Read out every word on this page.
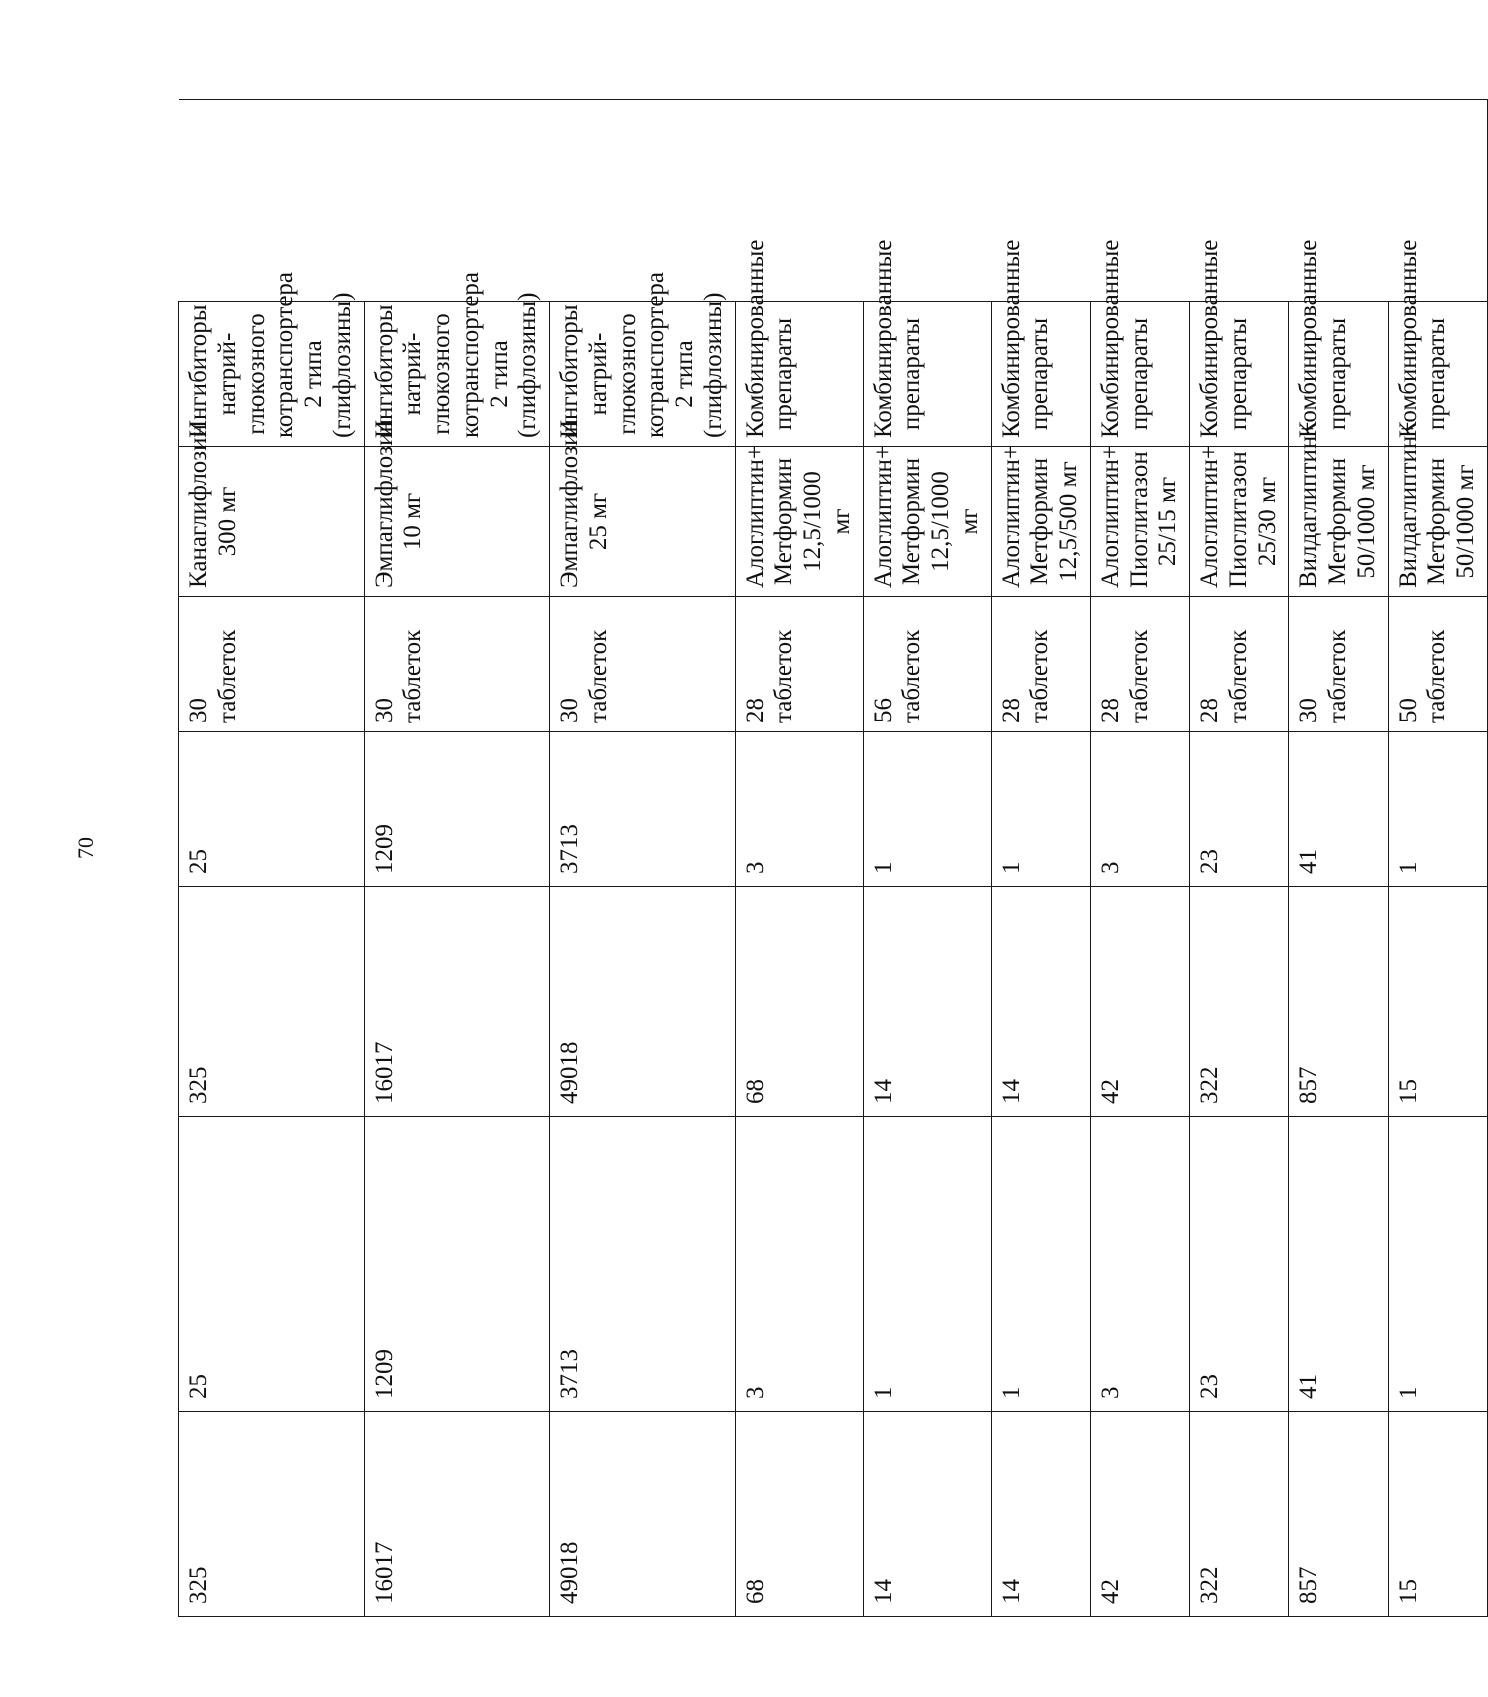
70
325	25	325	25	30 таблеток	Канаглифлозин 300 мг	Ингибиторы натрий-глюкозного котранспортера 2 типа (глифлозины)	
16017	1209	16017	1209	30 таблеток	Эмпаглифлозин 10 мг	Ингибиторы натрий-глюкозного котранспортера 2 типа (глифлозины)	
49018	3713	49018	3713	30 таблеток	Эмпаглифлозин 25 мг	Ингибиторы натрий-глюкозного котранспортера 2 типа (глифлозины)	
68	3	68	3	28 таблеток	Алоглиптин+ Метформин 12,5/1000 мг	Комбинированные препараты	
14	1	14	1	56 таблеток	Алоглиптин+ Метформин 12,5/1000 мг	Комбинированные препараты	
14	1	14	1	28 таблеток	Алоглиптин+ Метформин 12,5/500 мг	Комбинированные препараты	
42	3	42	3	28 таблеток	Алоглиптин+ Пиоглитазон 25/15 мг	Комбинированные препараты	
322	23	322	23	28 таблеток	Алоглиптин+ Пиоглитазон 25/30 мг	Комбинированные препараты	
857	41	857	41	30 таблеток	Вилдаглиптин+ Метформин 50/1000 мг	Комбинированные препараты	
15	1	15	1	50 таблеток	Вилдаглиптин+ Метформин 50/1000 мг	Комбинированные препараты	
